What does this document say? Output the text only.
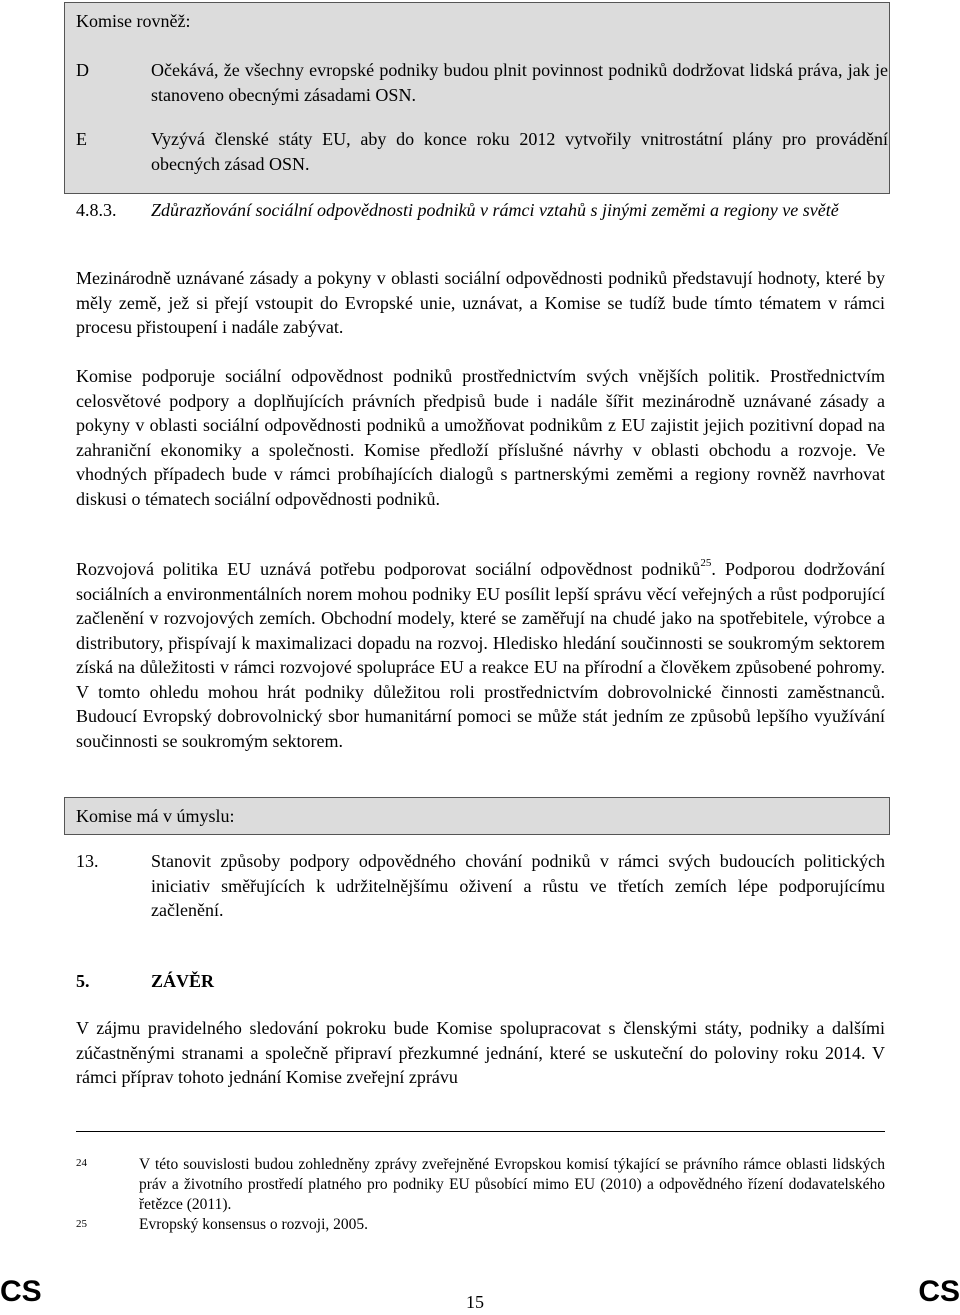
Komise rovněž:
D	Očekává, že všechny evropské podniky budou plnit povinnost podniků dodržovat lidská práva, jak je stanoveno obecnými zásadami OSN.
E	Vyzývá členské státy EU, aby do konce roku 2012 vytvořily vnitrostátní plány pro provádění obecných zásad OSN.
4.8.3. Zdůrazňování sociální odpovědnosti podniků v rámci vztahů s jinými zeměmi a regiony ve světě
Mezinárodně uznávané zásady a pokyny v oblasti sociální odpovědnosti podniků představují hodnoty, které by měly země, jež si přejí vstoupit do Evropské unie, uznávat, a Komise se tudíž bude tímto tématem v rámci procesu přistoupení i nadále zabývat.
Komise podporuje sociální odpovědnost podniků prostřednictvím svých vnějších politik. Prostřednictvím celosvětové podpory a doplňujících právních předpisů bude i nadále šířit mezinárodně uznávané zásady a pokyny v oblasti sociální odpovědnosti podniků a umožňovat podnikům z EU zajistit jejich pozitivní dopad na zahraniční ekonomiky a společnosti. Komise předloží příslušné návrhy v oblasti obchodu a rozvoje. Ve vhodných případech bude v rámci probíhajících dialogů s partnerskými zeměmi a regiony rovněž navrhovat diskusi o tématech sociální odpovědnosti podniků.
Rozvojová politika EU uznává potřebu podporovat sociální odpovědnost podniků$^{25}$. Podporou dodržování sociálních a environmentálních norem mohou podniky EU posílit lepší správu věcí veřejných a růst podporující začlenění v rozvojových zemích. Obchodní modely, které se zaměřují na chudé jako na spotřebitele, výrobce a distributory, přispívají k maximalizaci dopadu na rozvoj. Hledisko hledání součinnosti se soukromým sektorem získá na důležitosti v rámci rozvojové spolupráce EU a reakce EU na přírodní a člověkem způsobené pohromy. V tomto ohledu mohou hrát podniky důležitou roli prostřednictvím dobrovolnické činnosti zaměstnanců. Budoucí Evropský dobrovolnický sbor humanitární pomoci se může stát jedním ze způsobů lepšího využívání součinnosti se soukromým sektorem.
Komise má v úmyslu:
13.	Stanovit způsoby podpory odpovědného chování podniků v rámci svých budoucích politických iniciativ směřujících k udržitelnějšímu oživení a růstu ve třetích zemích lépe podporujícímu začlenění.
5.	ZÁVĚR
V zájmu pravidelného sledování pokroku bude Komise spolupracovat s členskými státy, podniky a dalšími zúčastněnými stranami a společně připraví přezkumné jednání, které se uskuteční do poloviny roku 2014. V rámci příprav tohoto jednání Komise zveřejní zprávu
24	V této souvislosti budou zohledněny zprávy zveřejněné Evropskou komisí týkající se právního rámce oblasti lidských práv a životního prostředí platného pro podniky EU působící mimo EU (2010) a odpovědného řízení dodavatelského řetězce (2011).
25	Evropský konsensus o rozvoji, 2005.
CS	15	CS
